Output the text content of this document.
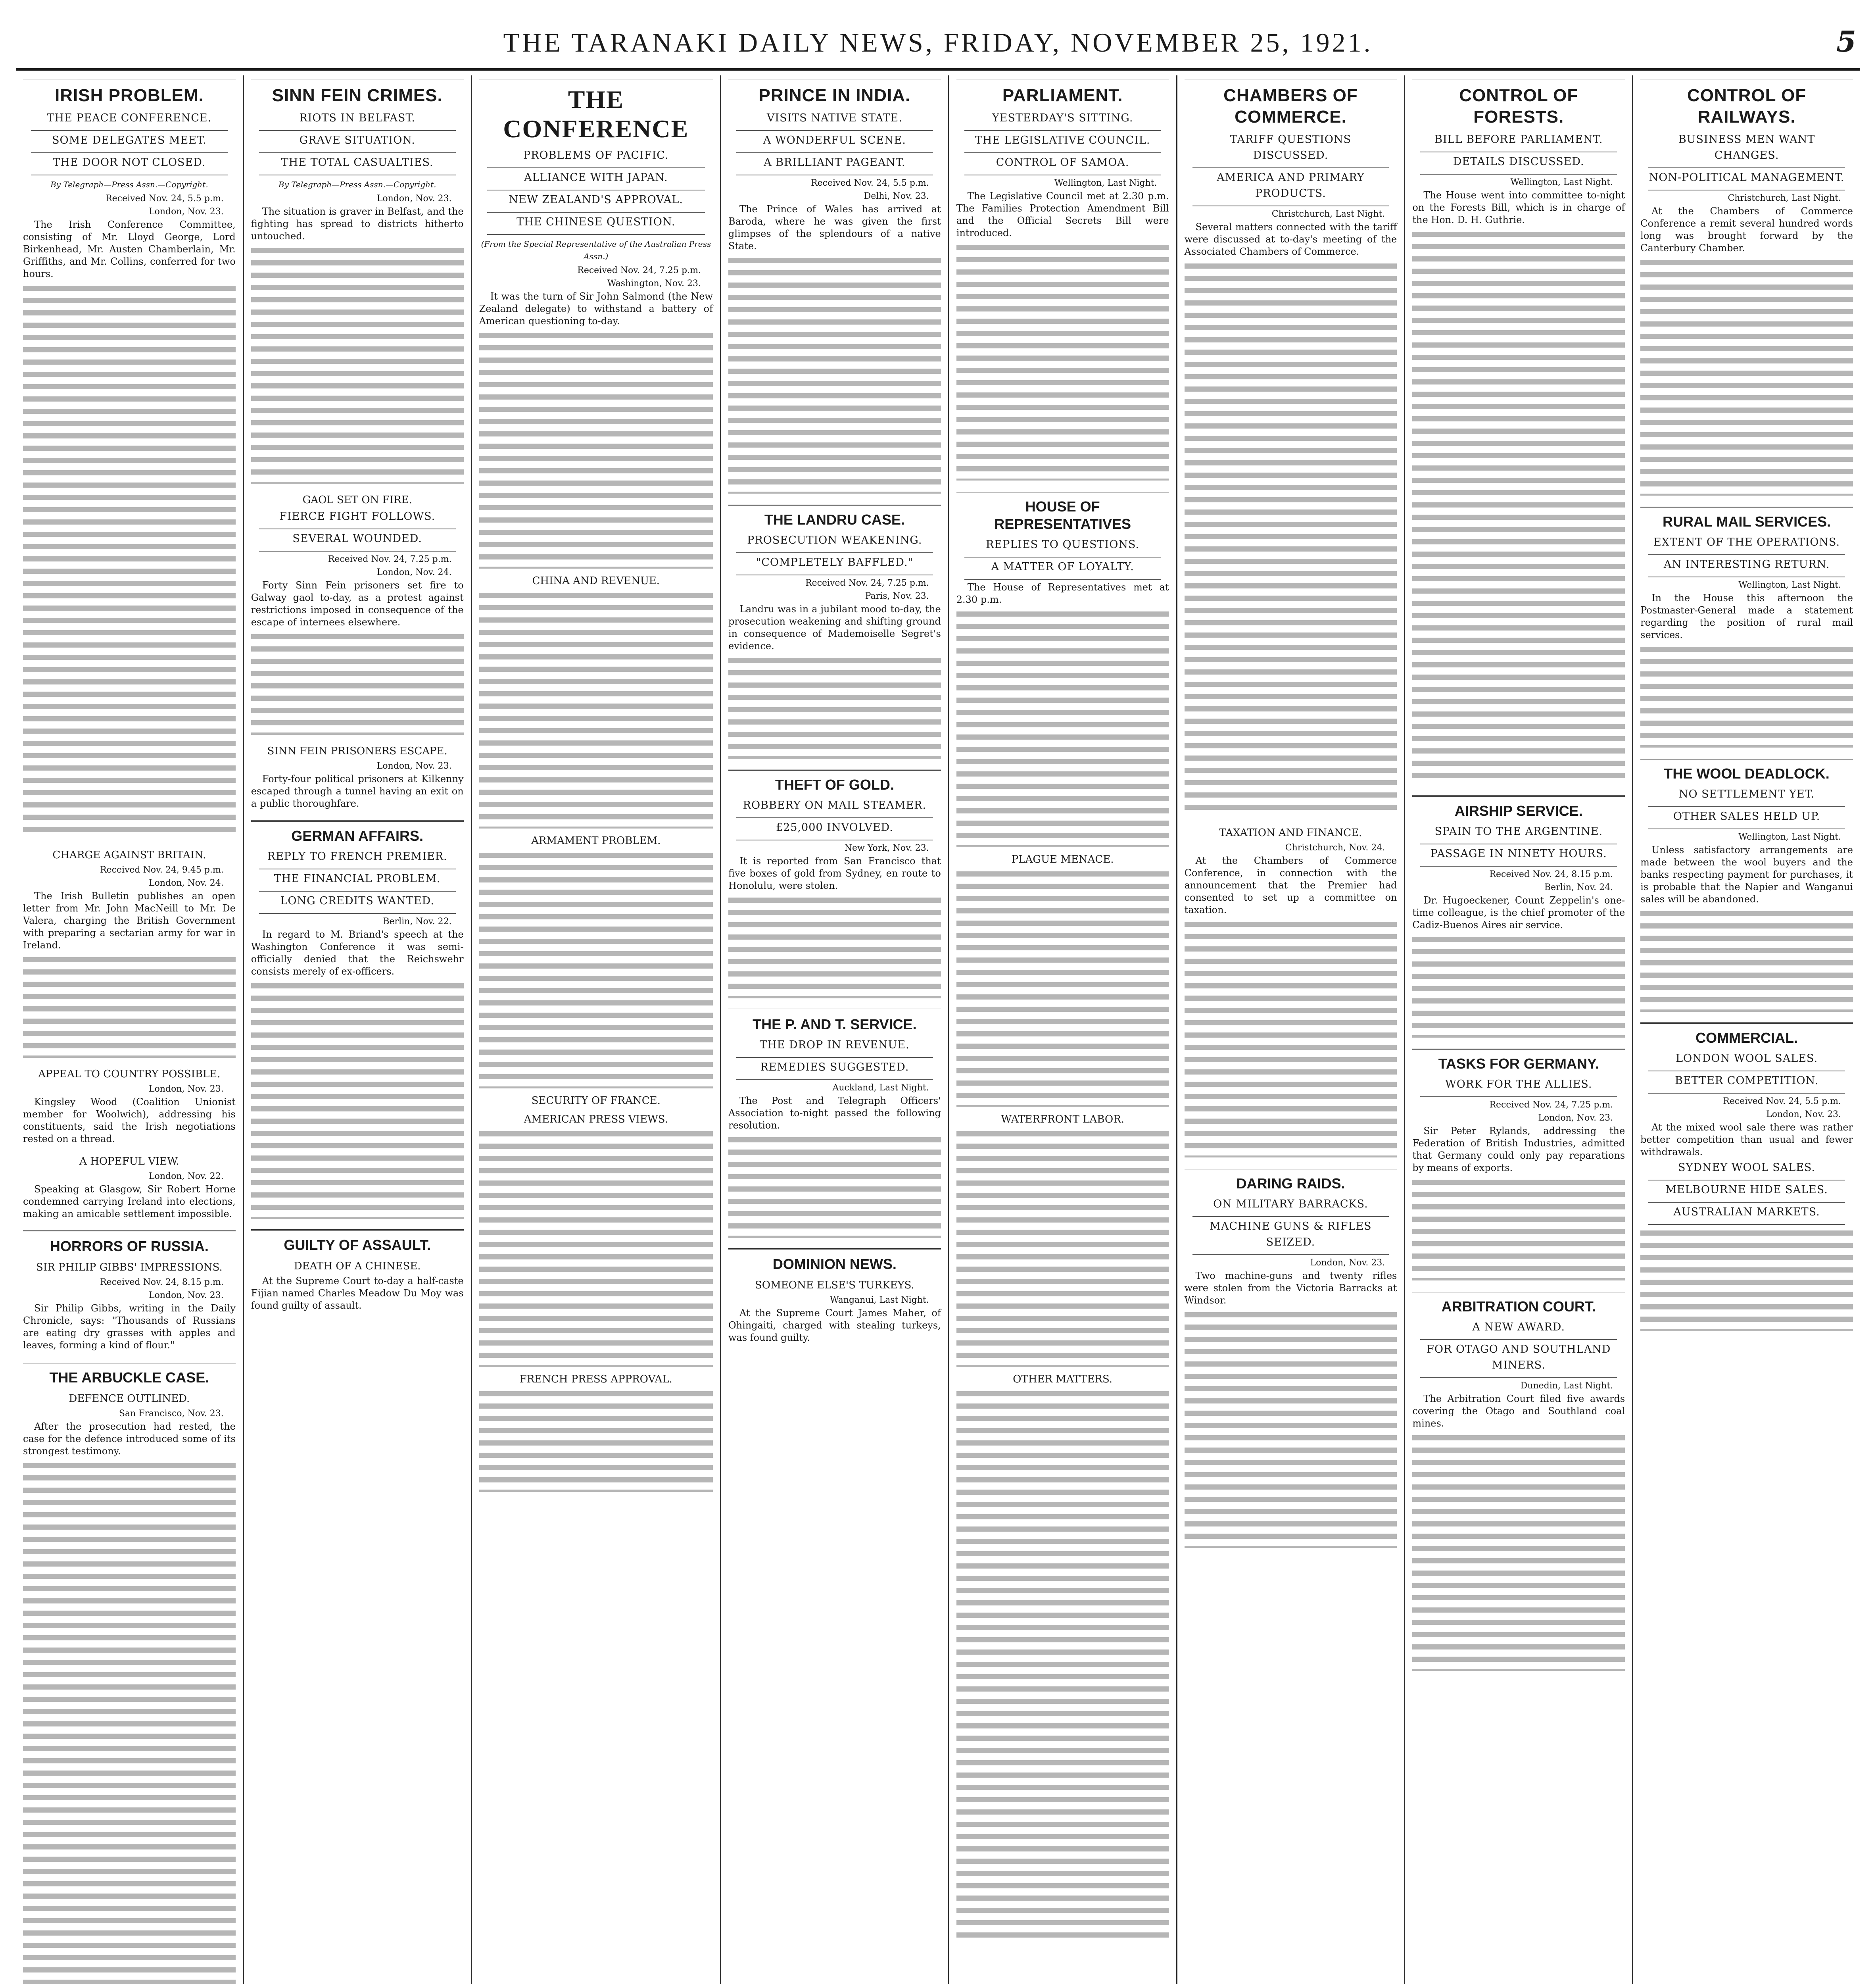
THE TARANAKI DAILY NEWS, FRIDAY, NOVEMBER 25, 1921.	5
IRISH PROBLEM.
THE PEACE CONFERENCE.
SOME DELEGATES MEET.
THE DOOR NOT CLOSED.
By Telegraph—Press Assn.—Copyright.
Received Nov. 24, 5.5 p.m.
London, Nov. 23.

The Irish Conference Committee, consisting of Mr. Lloyd George, Lord Birkenhead, Mr. Austen Chamberlain, Mr. Griffiths, and Mr. Collins, conferred for two hours.

CHARGE AGAINST BRITAIN.
Received Nov. 24, 9.45 p.m.
London, Nov. 24.

The Irish Bulletin publishes an open letter from Mr. John MacNeill to Mr. De Valera, charging the British Government with preparing a sectarian army for war in Ireland.

APPEAL TO COUNTRY POSSIBLE.
London, Nov. 23.

Kingsley Wood (Coalition Unionist member for Woolwich), addressing his constituents, said the Irish negotiations rested on a thread.

A HOPEFUL VIEW.
London, Nov. 22.

Speaking at Glasgow, Sir Robert Horne condemned carrying Ireland into elections, making an amicable settlement impossible.

HORRORS OF RUSSIA.
SIR PHILIP GIBBS' IMPRESSIONS.
Received Nov. 24, 8.15 p.m.
London, Nov. 23.

Sir Philip Gibbs, writing in the Daily Chronicle, says: "Thousands of Russians are eating dry grasses with apples and leaves, forming a kind of flour."

THE ARBUCKLE CASE.
DEFENCE OUTLINED.
San Francisco, Nov. 23.

After the prosecution had rested, the case for the defence introduced some of its strongest testimony.

SINN FEIN CRIMES.
RIOTS IN BELFAST.
GRAVE SITUATION.
THE TOTAL CASUALTIES.
By Telegraph—Press Assn.—Copyright.
London, Nov. 23.

The situation is graver in Belfast, and the fighting has spread to districts hitherto untouched.

GAOL SET ON FIRE.
FIERCE FIGHT FOLLOWS.
SEVERAL WOUNDED.
Received Nov. 24, 7.25 p.m.
London, Nov. 24.

Forty Sinn Fein prisoners set fire to Galway gaol to-day, as a protest against restrictions imposed in consequence of the escape of internees elsewhere.

SINN FEIN PRISONERS ESCAPE.
London, Nov. 23.

Forty-four political prisoners at Kilkenny escaped through a tunnel having an exit on a public thoroughfare.

GERMAN AFFAIRS.
REPLY TO FRENCH PREMIER.
THE FINANCIAL PROBLEM.
LONG CREDITS WANTED.
Berlin, Nov. 22.

In regard to M. Briand's speech at the Washington Conference it was semi-officially denied that the Reichswehr consists merely of ex-officers.

GUILTY OF ASSAULT.
DEATH OF A CHINESE.

At the Supreme Court to-day a half-caste Fijian named Charles Meadow Du Moy was found guilty of assault.

THE CONFERENCE
PROBLEMS OF PACIFIC.
ALLIANCE WITH JAPAN.
NEW ZEALAND'S APPROVAL.
THE CHINESE QUESTION.
(From the Special Representative of the Australian Press Assn.)
Received Nov. 24, 7.25 p.m.
Washington, Nov. 23.

It was the turn of Sir John Salmond (the New Zealand delegate) to withstand a battery of American questioning to-day.

CHINA AND REVENUE.
ARMAMENT PROBLEM.
SECURITY OF FRANCE.
AMERICAN PRESS VIEWS.
FRENCH PRESS APPROVAL.
PRINCE IN INDIA.
VISITS NATIVE STATE.
A WONDERFUL SCENE.
A BRILLIANT PAGEANT.
Received Nov. 24, 5.5 p.m.
Delhi, Nov. 23.

The Prince of Wales has arrived at Baroda, where he was given the first glimpses of the splendours of a native State.

THE LANDRU CASE.
PROSECUTION WEAKENING.
"COMPLETELY BAFFLED."
Received Nov. 24, 7.25 p.m.
Paris, Nov. 23.

Landru was in a jubilant mood to-day, the prosecution weakening and shifting ground in consequence of Mademoiselle Segret's evidence.

THEFT OF GOLD.
ROBBERY ON MAIL STEAMER.
£25,000 INVOLVED.
New York, Nov. 23.

It is reported from San Francisco that five boxes of gold from Sydney, en route to Honolulu, were stolen.

THE P. AND T. SERVICE.
THE DROP IN REVENUE.
REMEDIES SUGGESTED.
Auckland, Last Night.

The Post and Telegraph Officers' Association to-night passed the following resolution.

DOMINION NEWS.
SOMEONE ELSE'S TURKEYS.
Wanganui, Last Night.

At the Supreme Court James Maher, of Ohingaiti, charged with stealing turkeys, was found guilty.

PARLIAMENT.
YESTERDAY'S SITTING.
THE LEGISLATIVE COUNCIL.
CONTROL OF SAMOA.
Wellington, Last Night.

The Legislative Council met at 2.30 p.m. The Families Protection Amendment Bill and the Official Secrets Bill were introduced.

HOUSE OF REPRESENTATIVES
REPLIES TO QUESTIONS.
A MATTER OF LOYALTY.

The House of Representatives met at 2.30 p.m.

PLAGUE MENACE.
WATERFRONT LABOR.
OTHER MATTERS.
CHAMBERS OF COMMERCE.
TARIFF QUESTIONS DISCUSSED.
AMERICA AND PRIMARY PRODUCTS.
Christchurch, Last Night.

Several matters connected with the tariff were discussed at to-day's meeting of the Associated Chambers of Commerce.

TAXATION AND FINANCE.
Christchurch, Nov. 24.

At the Chambers of Commerce Conference, in connection with the announcement that the Premier had consented to set up a committee on taxation.

DARING RAIDS.
ON MILITARY BARRACKS.
MACHINE GUNS & RIFLES SEIZED.
London, Nov. 23.

Two machine-guns and twenty rifles were stolen from the Victoria Barracks at Windsor.

CONTROL OF FORESTS.
BILL BEFORE PARLIAMENT.
DETAILS DISCUSSED.
Wellington, Last Night.

The House went into committee to-night on the Forests Bill, which is in charge of the Hon. D. H. Guthrie.

AIRSHIP SERVICE.
SPAIN TO THE ARGENTINE.
PASSAGE IN NINETY HOURS.
Received Nov. 24, 8.15 p.m.
Berlin, Nov. 24.

Dr. Hugoeckener, Count Zeppelin's one-time colleague, is the chief promoter of the Cadiz-Buenos Aires air service.

TASKS FOR GERMANY.
WORK FOR THE ALLIES.
Received Nov. 24, 7.25 p.m.
London, Nov. 23.

Sir Peter Rylands, addressing the Federation of British Industries, admitted that Germany could only pay reparations by means of exports.

ARBITRATION COURT.
A NEW AWARD.
FOR OTAGO AND SOUTHLAND MINERS.
Dunedin, Last Night.

The Arbitration Court filed five awards covering the Otago and Southland coal mines.

CONTROL OF RAILWAYS.
BUSINESS MEN WANT CHANGES.
NON-POLITICAL MANAGEMENT.
Christchurch, Last Night.

At the Chambers of Commerce Conference a remit several hundred words long was brought forward by the Canterbury Chamber.

RURAL MAIL SERVICES.
EXTENT OF THE OPERATIONS.
AN INTERESTING RETURN.
Wellington, Last Night.

In the House this afternoon the Postmaster-General made a statement regarding the position of rural mail services.

THE WOOL DEADLOCK.
NO SETTLEMENT YET.
OTHER SALES HELD UP.
Wellington, Last Night.

Unless satisfactory arrangements are made between the wool buyers and the banks respecting payment for purchases, it is probable that the Napier and Wanganui sales will be abandoned.

COMMERCIAL.
LONDON WOOL SALES.
BETTER COMPETITION.
Received Nov. 24, 5.5 p.m.
London, Nov. 23.

At the mixed wool sale there was rather better competition than usual and fewer withdrawals.

SYDNEY WOOL SALES.
MELBOURNE HIDE SALES.
AUSTRALIAN MARKETS.
